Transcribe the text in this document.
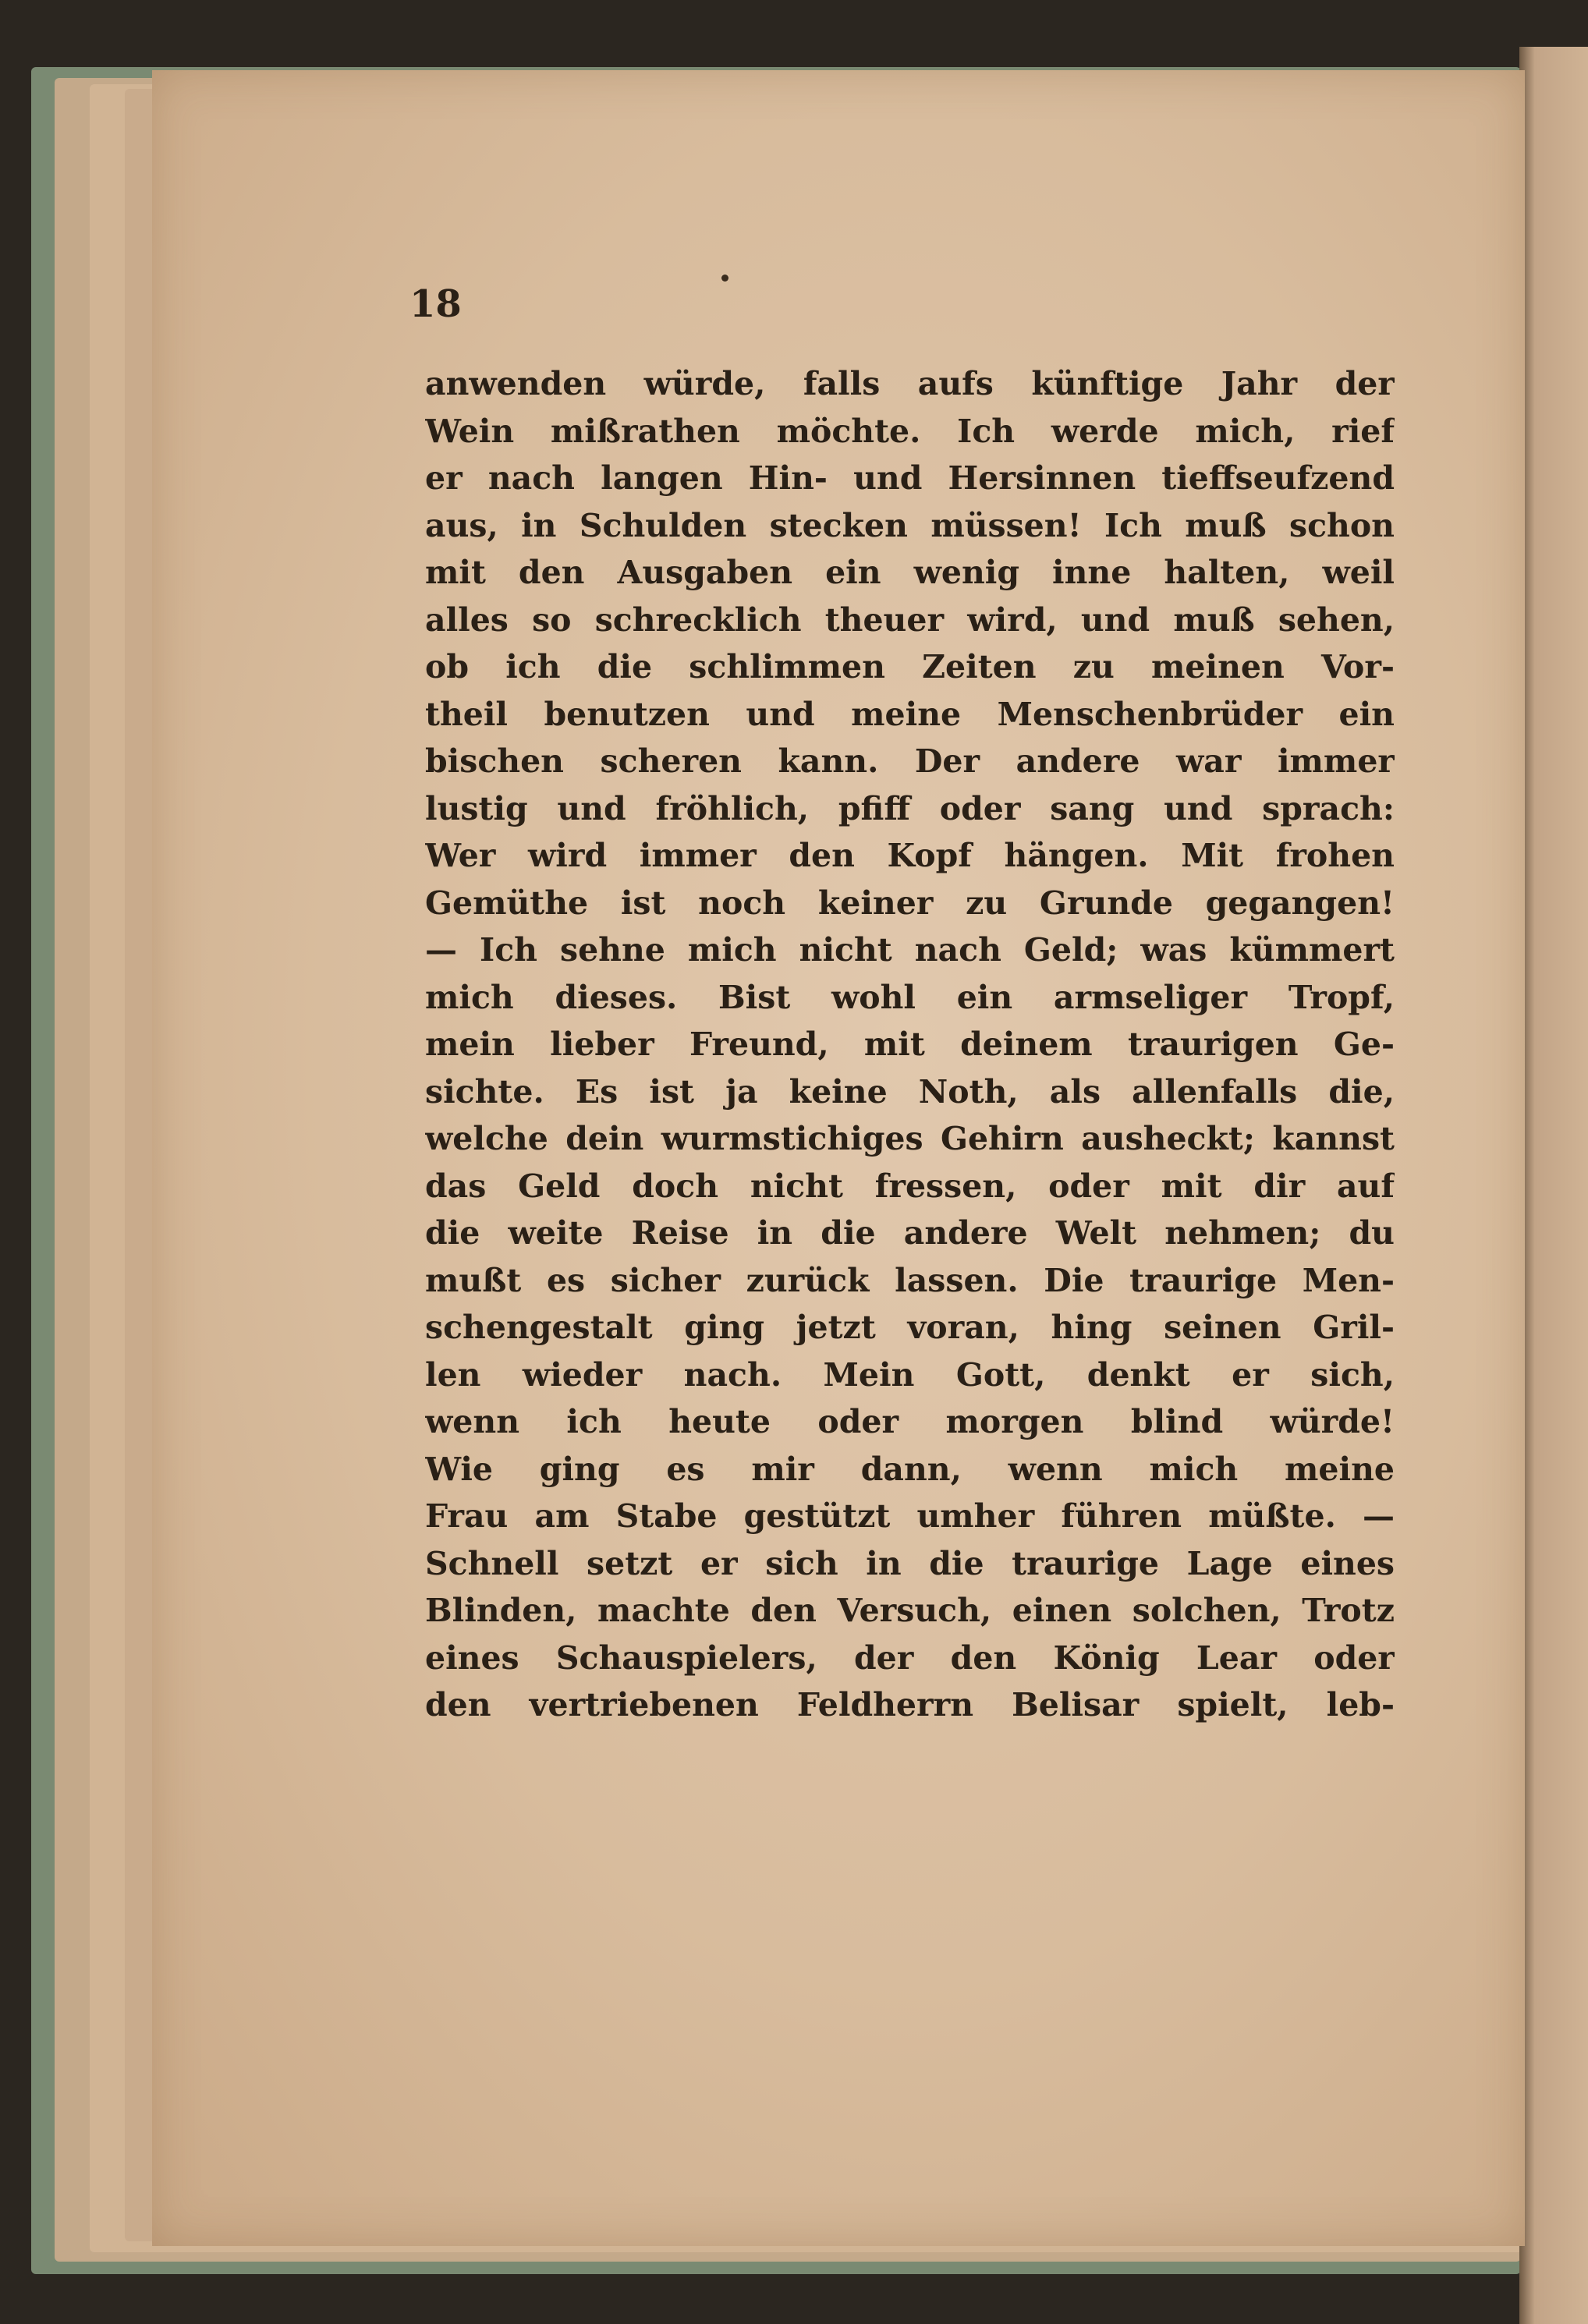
18
anwenden würde, falls aufs künftige Jahr der
Wein mißrathen möchte. Ich werde mich, rief
er nach langen Hin- und Hersinnen tieffseufzend
aus, in Schulden stecken müssen! Ich muß schon
mit den Ausgaben ein wenig inne halten, weil
alles so schrecklich theuer wird, und muß sehen,
ob ich die schlimmen Zeiten zu meinen Vor-
theil benutzen und meine Menschenbrüder ein
bischen scheren kann. Der andere war immer
lustig und fröhlich, pfiff oder sang und sprach:
Wer wird immer den Kopf hängen. Mit frohen
Gemüthe ist noch keiner zu Grunde gegangen!
— Ich sehne mich nicht nach Geld; was kümmert
mich dieses. Bist wohl ein armseliger Tropf,
mein lieber Freund, mit deinem traurigen Ge-
sichte. Es ist ja keine Noth, als allenfalls die,
welche dein wurmstichiges Gehirn ausheckt; kannst
das Geld doch nicht fressen, oder mit dir auf
die weite Reise in die andere Welt nehmen; du
mußt es sicher zurück lassen. Die traurige Men-
schengestalt ging jetzt voran, hing seinen Gril-
len wieder nach. Mein Gott, denkt er sich,
wenn ich heute oder morgen blind würde!
Wie ging es mir dann, wenn mich meine
Frau am Stabe gestützt umher führen müßte. —
Schnell setzt er sich in die traurige Lage eines
Blinden, machte den Versuch, einen solchen, Trotz
eines Schauspielers, der den König Lear oder
den vertriebenen Feldherrn Belisar spielt, leb-
